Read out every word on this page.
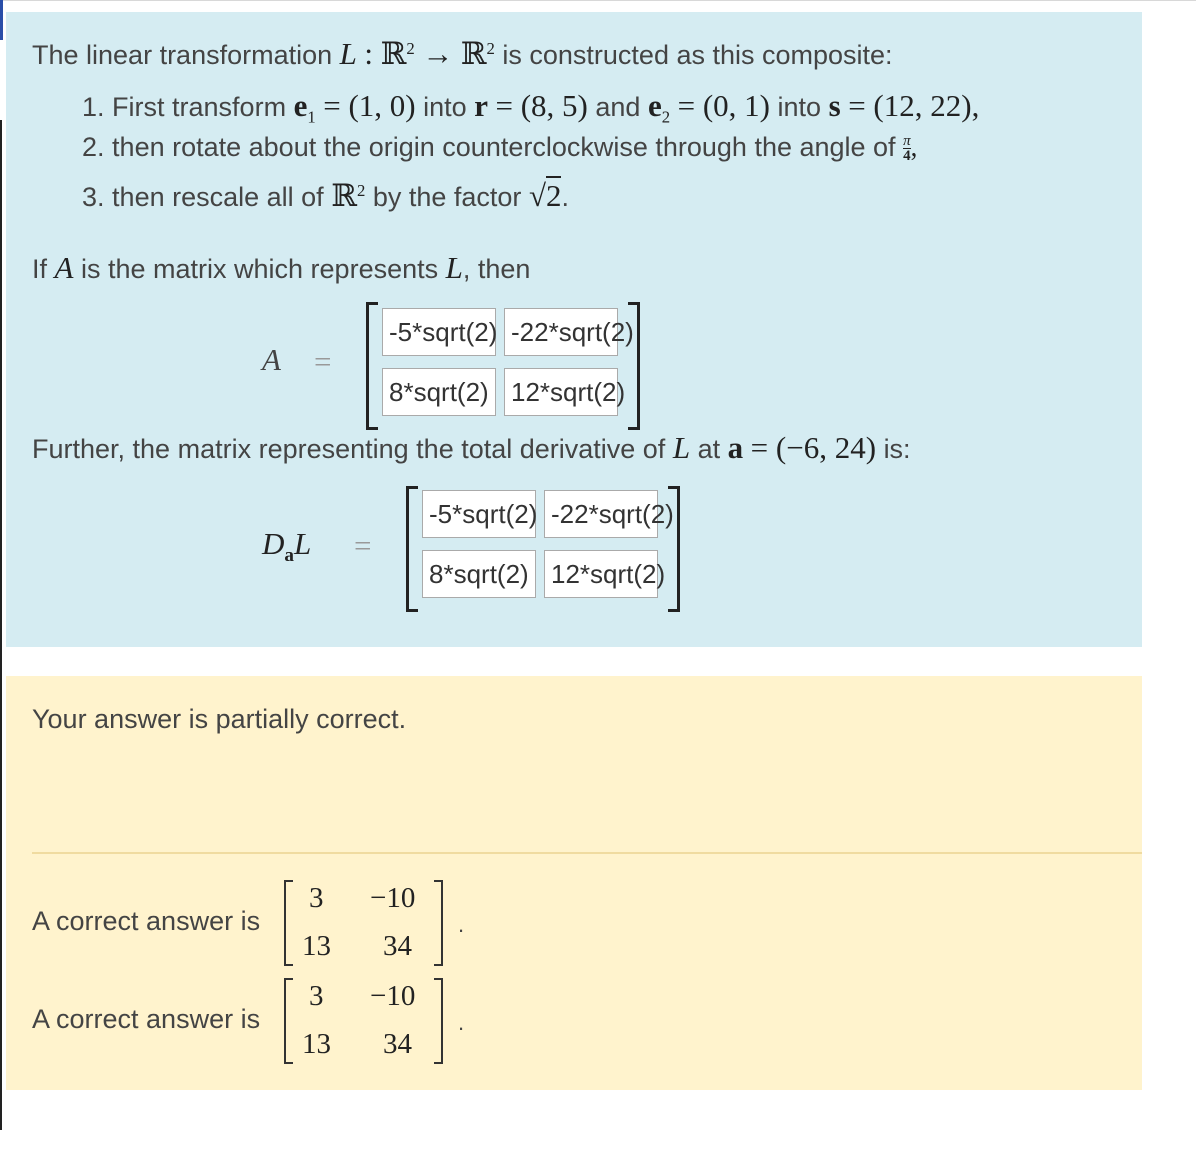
The linear transformation L : ℝ$^2$ → ℝ$^2$ is constructed as this composite:
1. First transform $e_1 = (1$, 0) into r = (8, 5) and $e_2 = (0$, 1) into s = (12, 22),
2. then rotate about the origin counterclockwise through the angle of $\frac{\pi}{4}$ ,
3. then rescale all of ℝ$^2$ by the factor √2.
If A is the matrix which represents L, then
A =
-5*sqrt(2) -22*sqrt(2)
8*sqrt(2) 12*sqrt(2)
Further, the matrix representing the total derivative of L at a = (−6, 24) is:
$D_aL$ =
-5*sqrt(2) -22*sqrt(2)
8*sqrt(2) 12*sqrt(2)
Your answer is partially correct.
A correct answer is
3 −10
13 34
.
A correct answer is
3 −10
13 34
.
